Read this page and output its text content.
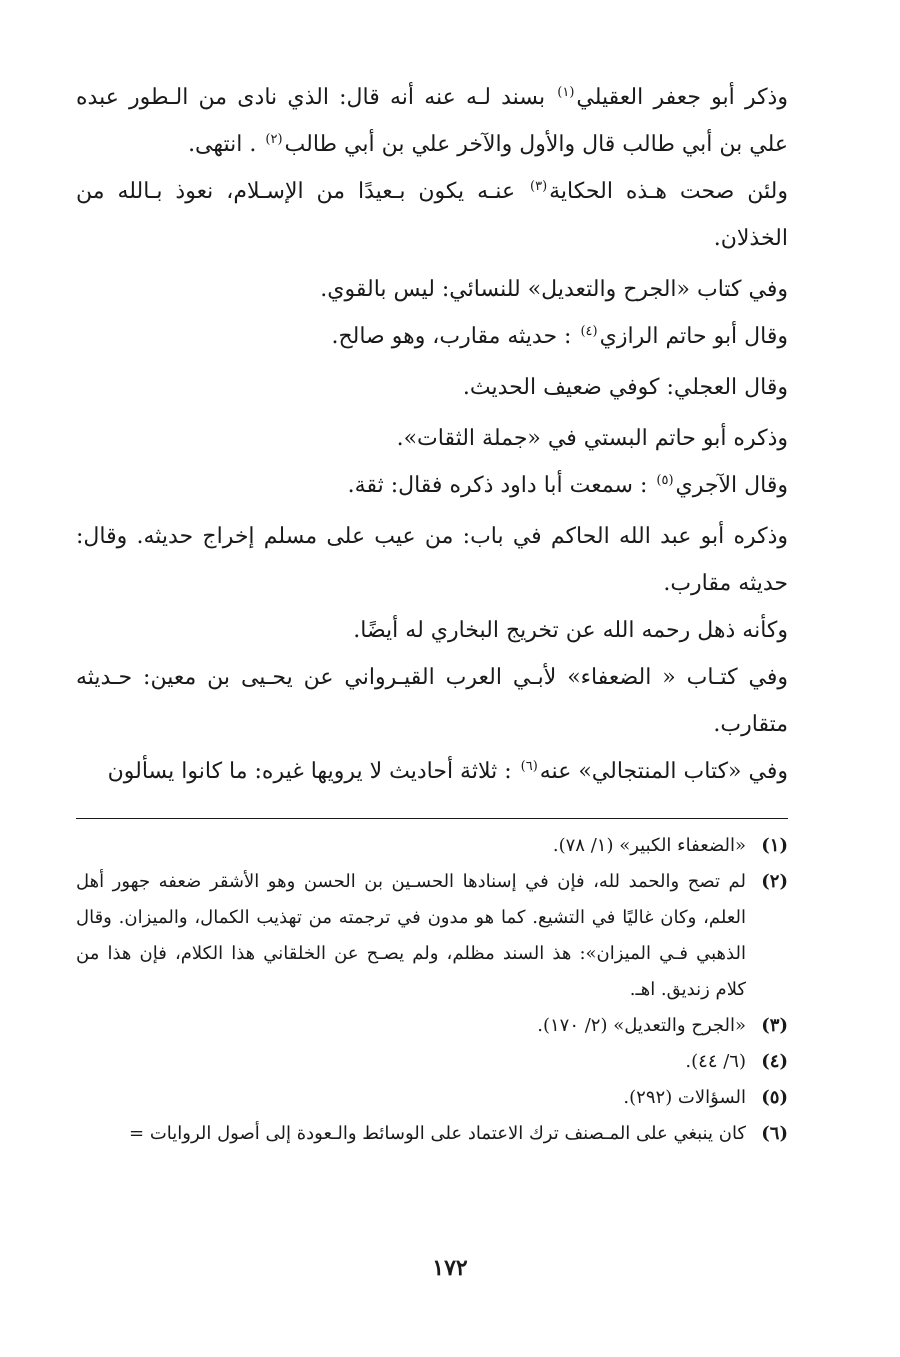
وذكر أبو جعفر العقيلي$^{(١)}$ بسند لـه عنه أنه قال: الذي نادى من الـطور عبده علي بن أبي طالب قال والأول والآخر علي بن أبي طالب$^{(٢)}$ . انتهى.

ولئن صحت هـذه الحكاية$^{(٣)}$ عنـه يكون بـعيدًا من الإسـلام، نعوذ بـالله من الخذلان.

وفي كتاب «الجرح والتعديل» للنسائي: ليس بالقوي.

وقال أبو حاتم الرازي$^{(٤)}$ : حديثه مقارب، وهو صالح.

وقال العجلي: كوفي ضعيف الحديث.

وذكره أبو حاتم البستي في «جملة الثقات».

وقال الآجري$^{(٥)}$ : سمعت أبا داود ذكره فقال: ثقة.

وذكره أبو عبد الله الحاكم في باب: من عيب على مسلم إخراج حديثه. وقال: حديثه مقارب.

وكأنه ذهل رحمه الله عن تخريج البخاري له أيضًا.

وفي كتـاب « الضعفاء» لأبـي العرب القيـرواني عن يحـيى بن معين: حـديثه متقارب.

وفي «كتاب المنتجالي» عنه$^{(٦)}$ : ثلاثة أحاديث لا يرويها غيره: ما كانوا يسألون

(١)
«الضعفاء الكبير» (١/ ٧٨).
(٢)
لم تصح والحمد لله، فإن في إسنادها الحسـين بن الحسن وهو الأشقر ضعفه جهور أهل العلم، وكان غاليًا في التشيع. كما هو مدون في ترجمته من تهذيب الكمال، والميزان. وقال الذهبي فـي الميزان»: هذ السند مظلم، ولم يصـح عن الخلقاني هذا الكلام، فإن هذا من كلام زنديق. اهـ.
(٣)
«الجرح والتعديل» (٢/ ١٧٠).
(٤)
(٦/ ٤٤).
(٥)
السؤالات (٢٩٢).
(٦)
كان ينبغي على المـصنف ترك الاعتماد على الوسائط والـعودة إلى أصول الروايات =
١٧٢
